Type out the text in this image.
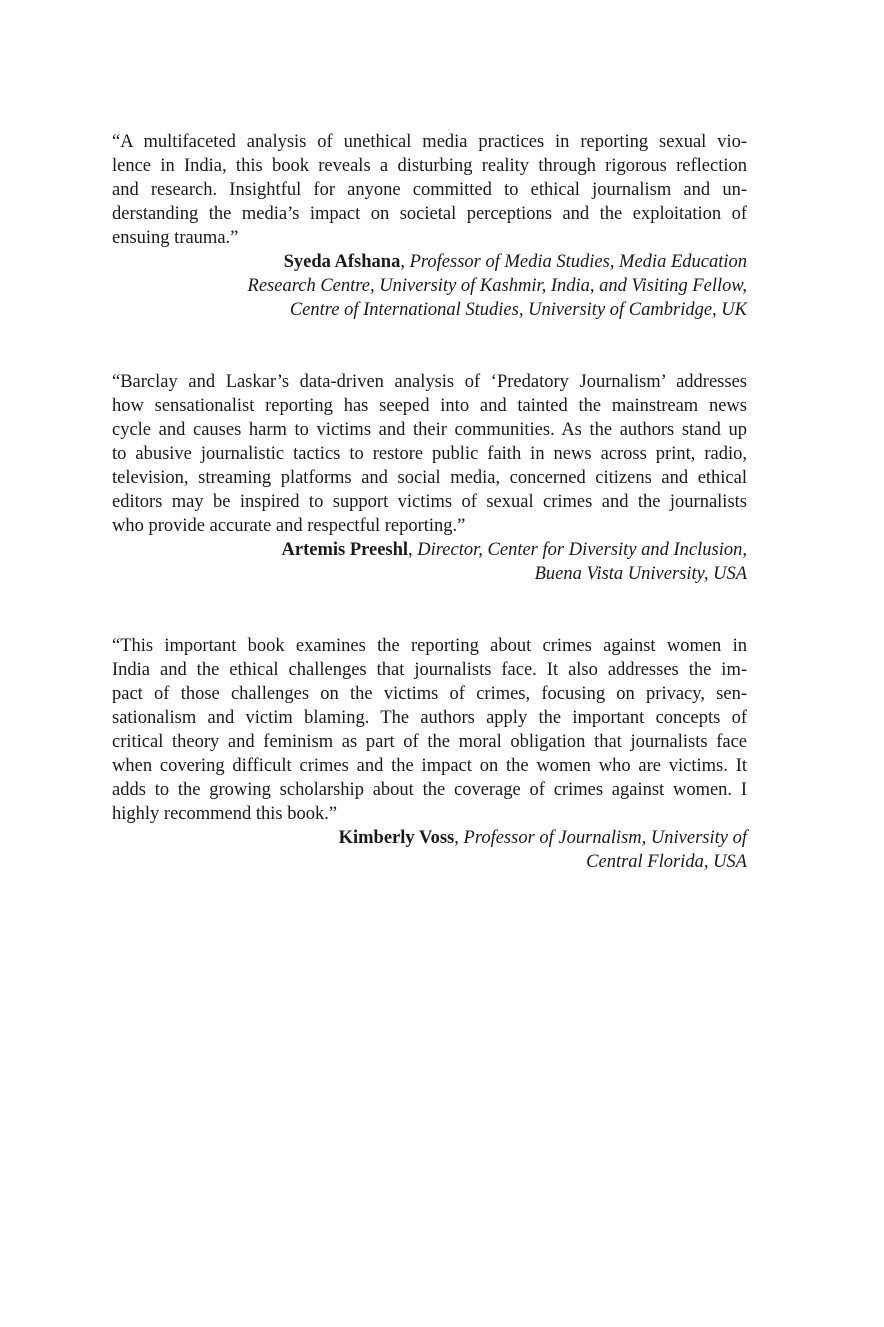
“A multifaceted analysis of unethical media practices in reporting sexual vio-
lence in India, this book reveals a disturbing reality through rigorous reflection
and research. Insightful for anyone committed to ethical journalism and un-
derstanding the media’s impact on societal perceptions and the exploitation of
ensuing trauma.”

Syeda Afshana, Professor of Media Studies, Media Education
Research Centre, University of Kashmir, India, and Visiting Fellow,
Centre of International Studies, University of Cambridge, UK

“Barclay and Laskar’s data-driven analysis of ‘Predatory Journalism’ addresses
how sensationalist reporting has seeped into and tainted the mainstream news
cycle and causes harm to victims and their communities. As the authors stand up
to abusive journalistic tactics to restore public faith in news across print, radio,
television, streaming platforms and social media, concerned citizens and ethical
editors may be inspired to support victims of sexual crimes and the journalists
who provide accurate and respectful reporting.”

Artemis Preeshl, Director, Center for Diversity and Inclusion,
Buena Vista University, USA

“This important book examines the reporting about crimes against women in
India and the ethical challenges that journalists face. It also addresses the im-
pact of those challenges on the victims of crimes, focusing on privacy, sen-
sationalism and victim blaming. The authors apply the important concepts of
critical theory and feminism as part of the moral obligation that journalists face
when covering difficult crimes and the impact on the women who are victims. It
adds to the growing scholarship about the coverage of crimes against women. I
highly recommend this book.”

Kimberly Voss, Professor of Journalism, University of
Central Florida, USA
